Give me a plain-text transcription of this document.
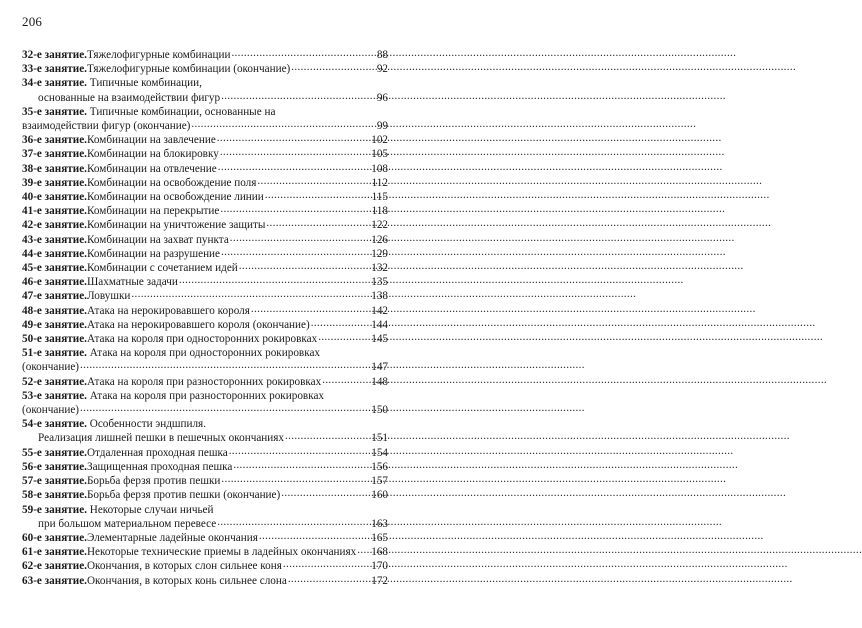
206
32-е занятие. Тяжелофигурные комбинации .....	88
33-е занятие. Тяжелофигурные комбинации (окончание) .....	92
34-е занятие. Типичные комбинации,
основанные на взаимодействии фигур .....	96
35-е занятие. Типичные комбинации, основанные на
взаимодействии фигур (окончание) .....	99
36-е занятие. Комбинации на завлечение .....	102
37-е занятие. Комбинации на блокировку .....	105
38-е занятие. Комбинации на отвлечение .....	108
39-е занятие. Комбинации на освобождение поля .....	112
40-е занятие. Комбинации на освобождение линии .....	115
41-е занятие. Комбинации на перекрытие .....	118
42-е занятие. Комбинации на уничтожение защиты .....	122
43-е занятие. Комбинации на захват пункта .....	126
44-е занятие. Комбинации на разрушение .....	129
45-е занятие. Комбинации с сочетанием идей .....	132
46-е занятие. Шахматные задачи .....	135
47-е занятие. Ловушки .....	138
48-е занятие. Атака на нерокировавшего короля .....	142
49-е занятие. Атака на нерокировавшего короля (окончание) .....	144
50-е занятие. Атака на короля при односторонних рокировках .....	145
51-е занятие. Атака на короля при односторонних рокировках
(окончание) .....	147
52-е занятие. Атака на короля при разносторонних рокировках .....	148
53-е занятие. Атака на короля при разносторонних рокировках
(окончание) .....	150
54-е занятие. Особенности эндшпиля.
Реализация лишней пешки в пешечных окончаниях .....	151
55-е занятие. Отдаленная проходная пешка .....	154
56-е занятие. Защищенная проходная пешка .....	156
57-е занятие. Борьба ферзя против пешки .....	157
58-е занятие. Борьба ферзя против пешки (окончание) .....	160
59-е занятие. Некоторые случаи ничьей
при большом материальном перевесе .....	163
60-е занятие. Элементарные ладейные окончания .....	165
61-е занятие. Некоторые технические приемы в ладейных окончаниях ..... 168
62-е занятие. Окончания, в которых слон сильнее коня .....	170
63-е занятие. Окончания, в которых конь сильнее слона .....	172
